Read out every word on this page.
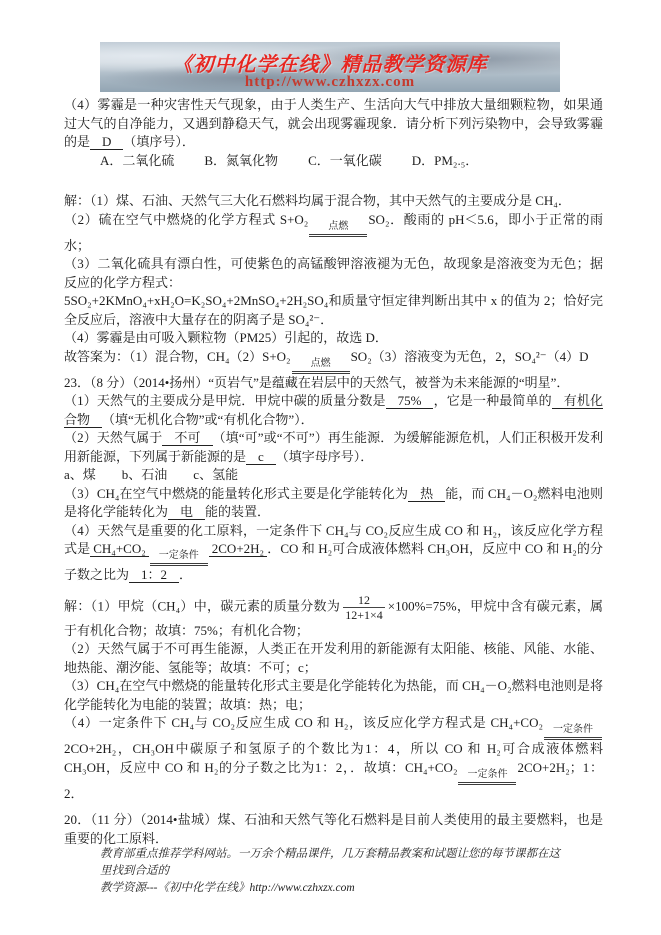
《初中化学在线》精品教学资源库
http://www.czhxzx.com

（4）雾霾是一种灾害性天气现象，由于人类生产、生活向大气中排放大量细颗粒物，如果通过大气的自净能力，又遇到静稳天气，就会出现雾霾现象．请分析下列污染物中，会导致雾霾的是 D （填序号）．

A．二氧化硫 B．氮氧化物 C．一氧化碳 D．PM₂.₅．

解：（1）煤、石油、天然气三大化石燃料均属于混合物，其中天然气的主要成分是 CH₄．

（2）硫在空气中燃烧的化学方程式 S+O₂	点燃	SO₂．酸雨的 pH＜5.6，即小于正常的雨水；

（3）二氧化硫具有漂白性，可使紫色的高锰酸钾溶液褪为无色，故现象是溶液变为无色；据反应的化学方程式：

5SO₂+2KMnO₄+xH₂O=K₂SO₄+2MnSO₄+2H₂SO₄和质量守恒定律判断出其中 x 的值为 2；恰好完全反应后，溶液中大量存在的阴离子是 SO₄²⁻．

（4）雾霾是由可吸入颗粒物（PM25）引起的，故选 D．

故答案为：（1）混合物，CH₄（2）S+O₂	点燃	SO₂（3）溶液变为无色，2，SO₄²⁻（4）D

23．（8 分）（2014•扬州）“页岩气”是蕴藏在岩层中的天然气，被誉为未来能源的“明星”．

（1）天然气的主要成分是甲烷．甲烷中碳的质量分数是 75% ，它是一种最简单的 有机化合物 （填“无机化合物”或“有机化合物”）．

（2）天然气属于 不可 （填“可”或“不可”）再生能源．为缓解能源危机，人们正积极开发利用新能源，下列属于新能源的是 c （填字母序号）．

a、煤 b、石油 c、氢能

（3）CH₄在空气中燃烧的能量转化形式主要是化学能转化为 热 能，而 CH₄－O₂燃料电池则是将化学能转化为 电 能的装置．

（4）天然气是重要的化工原料，一定条件下 CH₄与 CO₂反应生成 CO 和 H₂，该反应化学方程式是 CH₄+CO₂	一定条件	2CO+2H₂ ．CO 和 H₂可合成液体燃料 CH₃OH，反应中 CO 和 H₂的分子数之比为 1：2 ．

解：（1）甲烷（CH₄）中，碳元素的质量分数为 $\frac{12}{12+1\times 4} \times 100\%=75\%$，甲烷中含有碳元素，属于有机化合物；故填：75%；有机化合物；

（2）天然气属于不可再生能源，人类正在开发利用的新能源有太阳能、核能、风能、水能、地热能、潮汐能、氢能等；故填：不可；c；

（3）CH₄在空气中燃烧的能量转化形式主要是化学能转化为热能，而 CH₄－O₂燃料电池则是将化学能转化为电能的装置；故填：热；电；

（4）一定条件下 CH₄与 CO₂反应生成 CO 和 H₂，该反应化学方程式是 CH₄+CO₂	一定条件
2CO+2H₂，CH₃OH中碳原子和氢原子的个数比为1：4，所以 CO 和 H₂可合成液体燃料 CH₃OH，反应中 CO 和 H₂的分子数之比为1：2，．故填：CH₄+CO₂	一定条件 2CO+2H₂；1：2．

20．（11 分）（2014•盐城）煤、石油和天然气等化石燃料是目前人类使用的最主要燃料，也是重要的化工原料．

教育部重点推荐学科网站。一万余个精品课件，几万套精品教案和试题让您的每节课都在这里找到合适的
教学资源---《初中化学在线》http://www.czhxzx.com
